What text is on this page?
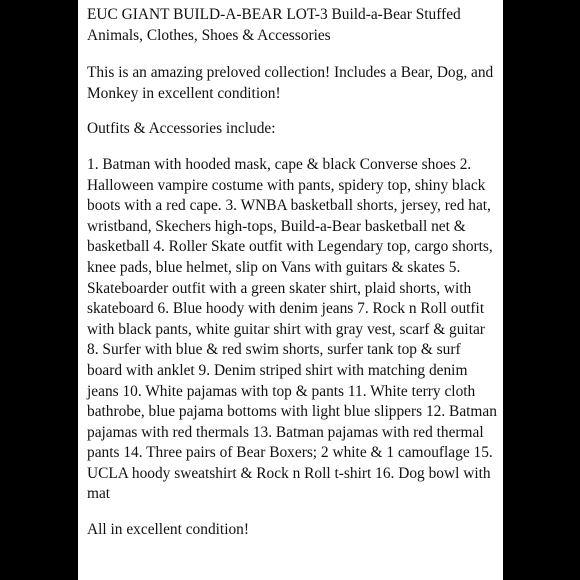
EUC GIANT BUILD-A-BEAR LOT-3 Build-a-Bear Stuffed Animals, Clothes, Shoes & Accessories

This is an amazing preloved collection! Includes a Bear, Dog, and Monkey in excellent condition!

Outfits & Accessories include:

1. Batman with hooded mask, cape & black Converse shoes 2. Halloween vampire costume with pants, spidery top, shiny black boots with a red cape. 3. WNBA basketball shorts, jersey, red hat, wristband, Skechers high-tops, Build-a-Bear basketball net & basketball 4. Roller Skate outfit with Legendary top, cargo shorts, knee pads, blue helmet, slip on Vans with guitars & skates 5. Skateboarder outfit with a green skater shirt, plaid shorts, with skateboard 6. Blue hoody with denim jeans 7. Rock n Roll outfit with black pants, white guitar shirt with gray vest, scarf & guitar 8. Surfer with blue & red swim shorts, surfer tank top & surf board with anklet 9. Denim striped shirt with matching denim jeans 10. White pajamas with top & pants 11. White terry cloth bathrobe, blue pajama bottoms with light blue slippers 12. Batman pajamas with red thermals 13. Batman pajamas with red thermal pants 14. Three pairs of Bear Boxers; 2 white & 1 camouflage 15. UCLA hoody sweatshirt & Rock n Roll t-shirt 16. Dog bowl with mat

All in excellent condition!
